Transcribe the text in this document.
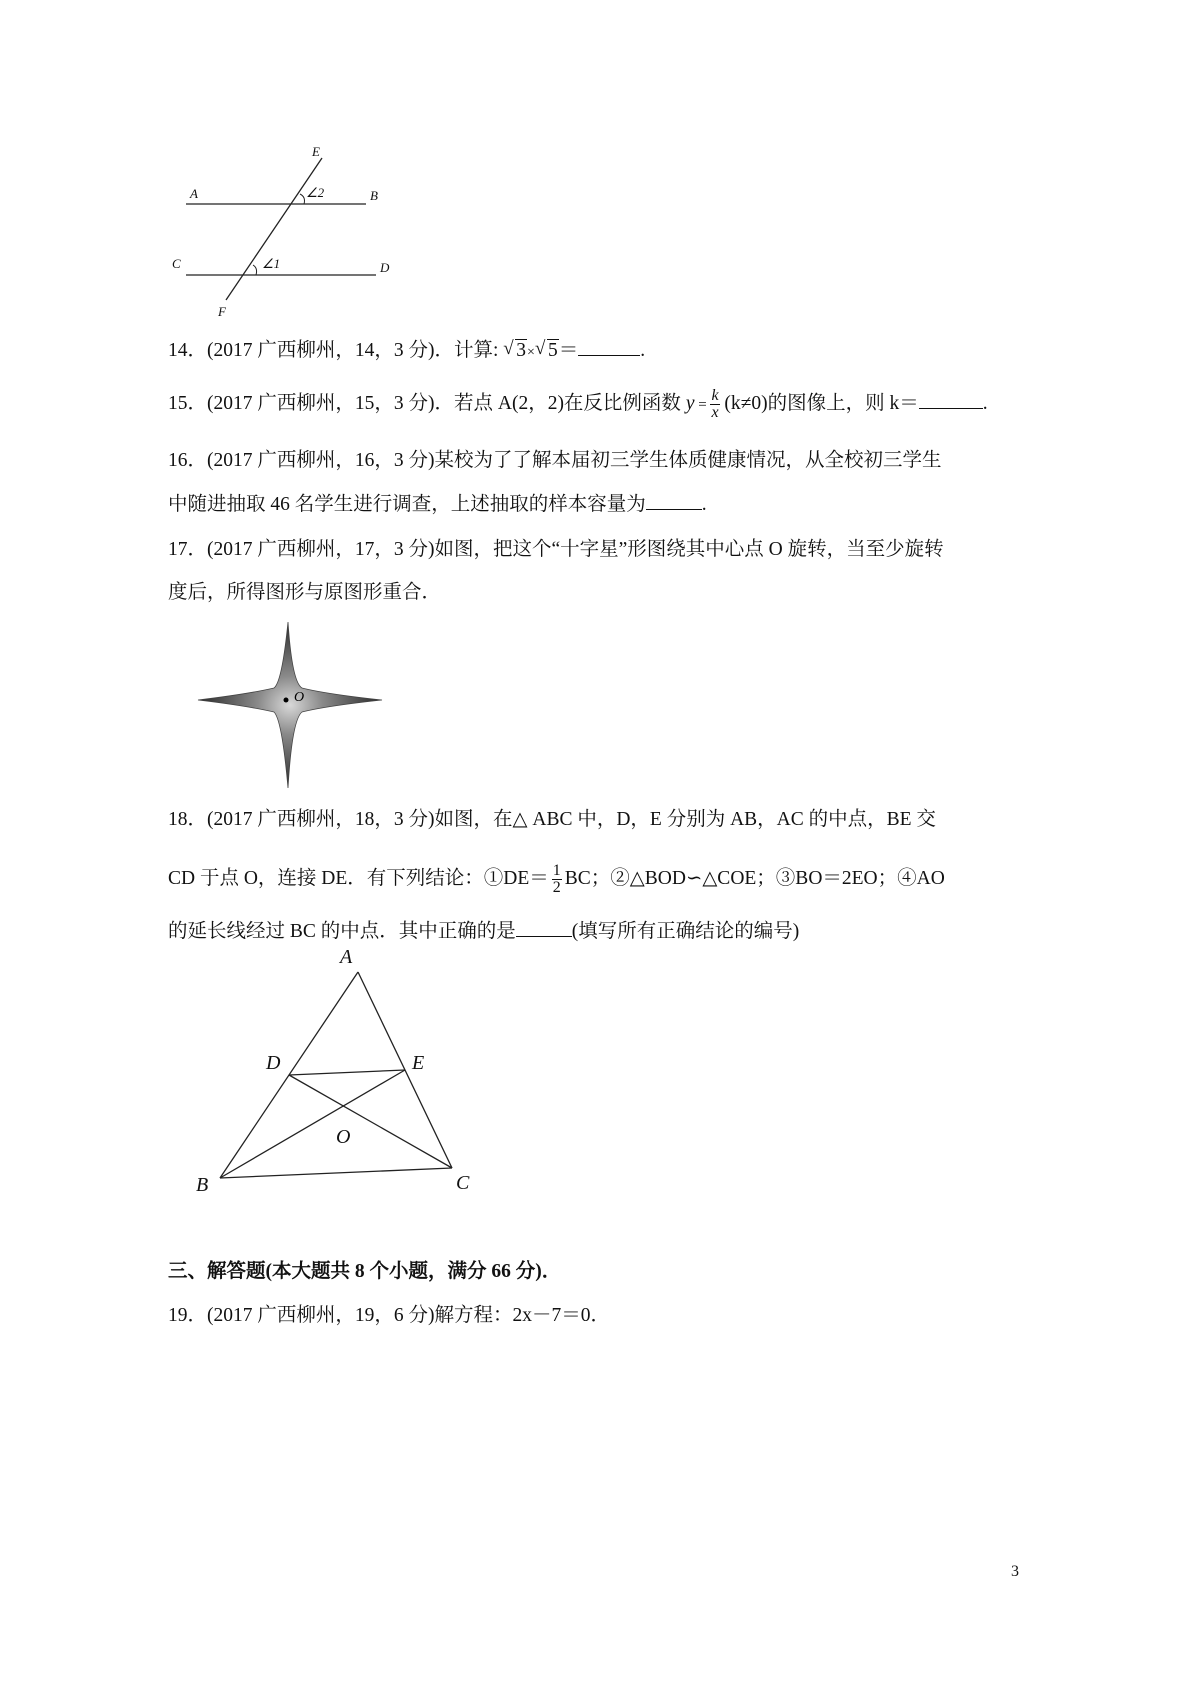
E
A	∠2	B
C	∠1	D
F
14．(2017 广西柳州，14，3 分)．计算: √ 3× √ 5＝	.
15．(2017 广西柳州，15，3 分)．若点 A(2，2)在反比例函数 $y = \frac{k}{x} (k\ne 0)$的图像上，则 k＝	.
16．(2017 广西柳州，16，3 分)某校为了了解本届初三学生体质健康情况，从全校初三学生
中随进抽取 46 名学生进行调查，上述抽取的样本容量为	.
17．(2017 广西柳州，17，3 分)如图，把这个“十字星”形图绕其中心点 O 旋转，当至少旋转
度后，所得图形与原图形重合．
O
18．(2017 广西柳州，18，3 分)如图，在△ ABC 中，D，E 分别为 AB，AC 的中点，BE 交
CD 于点 O，连接 DE．有下列结论：①DE＝ $\frac{1}{2}$ BC；②△BOD∽△COE；③BO＝2EO；④AO
的延长线经过 BC 的中点．其中正确的是	(填写所有正确结论的编号)
A
D	E
O
B	C
三、解答题(本大题共 8 个小题，满分 66 分)．
19．(2017 广西柳州，19，6 分)解方程：2x－7＝0．
3
